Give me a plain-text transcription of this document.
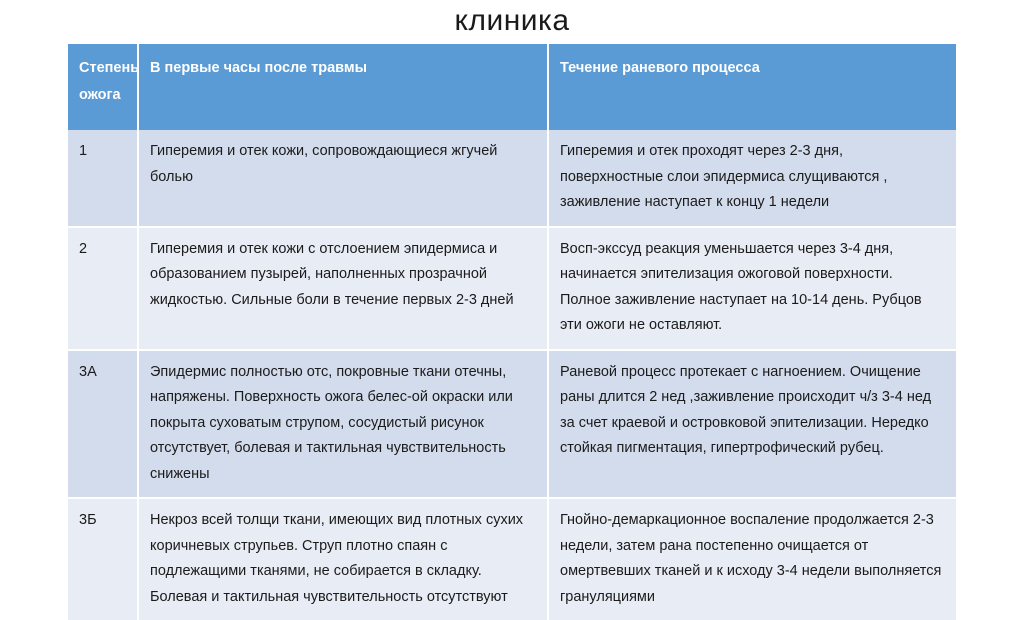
клиника
Степень ожога	В первые часы после травмы	Течение раневого процесса
1	Гиперемия и отек кожи, сопровождающиеся жгучей болью	Гиперемия и отек проходят через 2-3 дня, поверхностные слои эпидермиса слущиваются , заживление наступает к концу 1 недели
2	Гиперемия и отек кожи с отслоением эпидермиса и образованием пузырей, наполненных прозрачной жидкостью. Сильные боли в течение первых 2-3 дней	Восп-экссуд реакция уменьшается через 3-4 дня, начинается эпителизация ожоговой поверхности. Полное заживление наступает на 10-14 день. Рубцов эти ожоги не оставляют.
3А	Эпидермис полностью отс, покровные ткани отечны, напряжены. Поверхность ожога белес-ой окраски или покрыта суховатым струпом, сосудистый рисунок отсутствует, болевая и тактильная чувствительность снижены	Раневой процесс протекает с нагноением. Очищение раны длится 2 нед ,заживление происходит ч/з 3-4 нед за счет краевой и островковой эпителизации. Нередко стойкая пигментация, гипертрофический рубец.
3Б	Некроз всей толщи ткани, имеющих вид плотных сухих коричневых струпьев. Струп плотно спаян с подлежащими тканями, не собирается в складку. Болевая и тактильная чувствительность отсутствуют	Гнойно-демаркационное воспаление продолжается 2-3 недели, затем рана постепенно очищается от омертвевших тканей и к исходу 3-4 недели выполняется грануляциями
